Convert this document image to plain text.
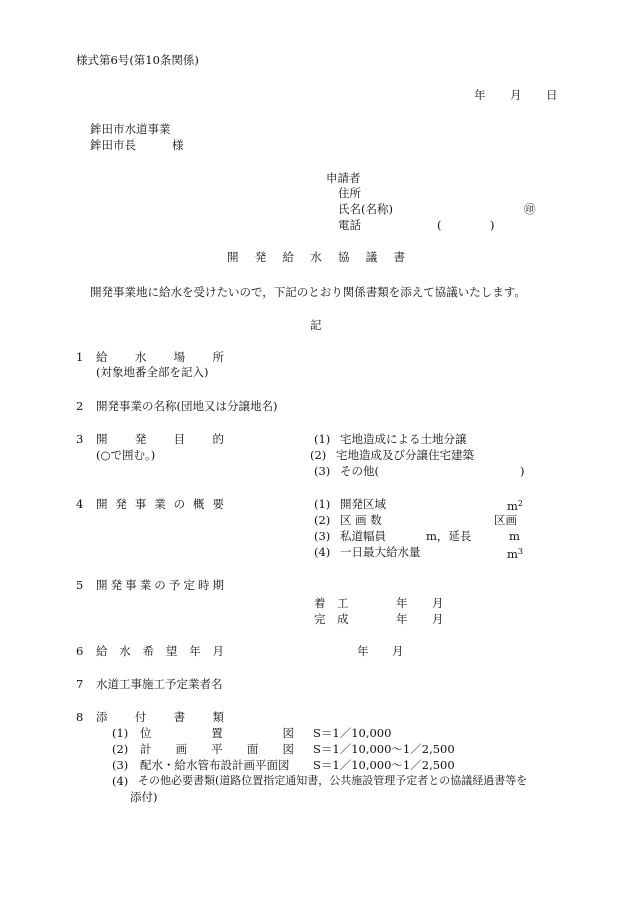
様式第6号(第10条関係)
年 月 日
鉾田市水道事業
鉾田市長	様
申請者
住所
氏名(名称)	㊞
電話	(	)
開 発 給 水 協 議 書
開発事業地に給水を受けたいので，下記のとおり関係書類を添えて協議いたします。
記
1 給 水 場 所
(対象地番全部を記入)
2 開発事業の名称(団地又は分譲地名)
3 開 発 目 的
(○で囲む。)
(1) 宅地造成による土地分譲
(2) 宅地造成及び分譲住宅建築
(3) その他(	)
4 開 発 事 業 の 概 要	(1) 開発区域	$m^2$
(2) 区 画 数	区画
(3) 私道幅員	m，延長	m
(4) 一日最大給水量	$m^3$
5 開 発 事 業 の 予 定 時 期
着　工	年 月
完　成	年 月
6 給 水 希 望 年 月	年 月
7 水道工事施工予定業者名
8 添 付 書 類
(1) 位	置	図 S＝1／10,000
(2) 計 画 平 面 図 S＝1／10,000～1／2,500
(3) 配水・給水管布設計画平面図 S＝1／10,000～1／2,500
(4) その他必要書類(道路位置指定通知書，公共施設管理予定者との協議経過書等を
添付)
